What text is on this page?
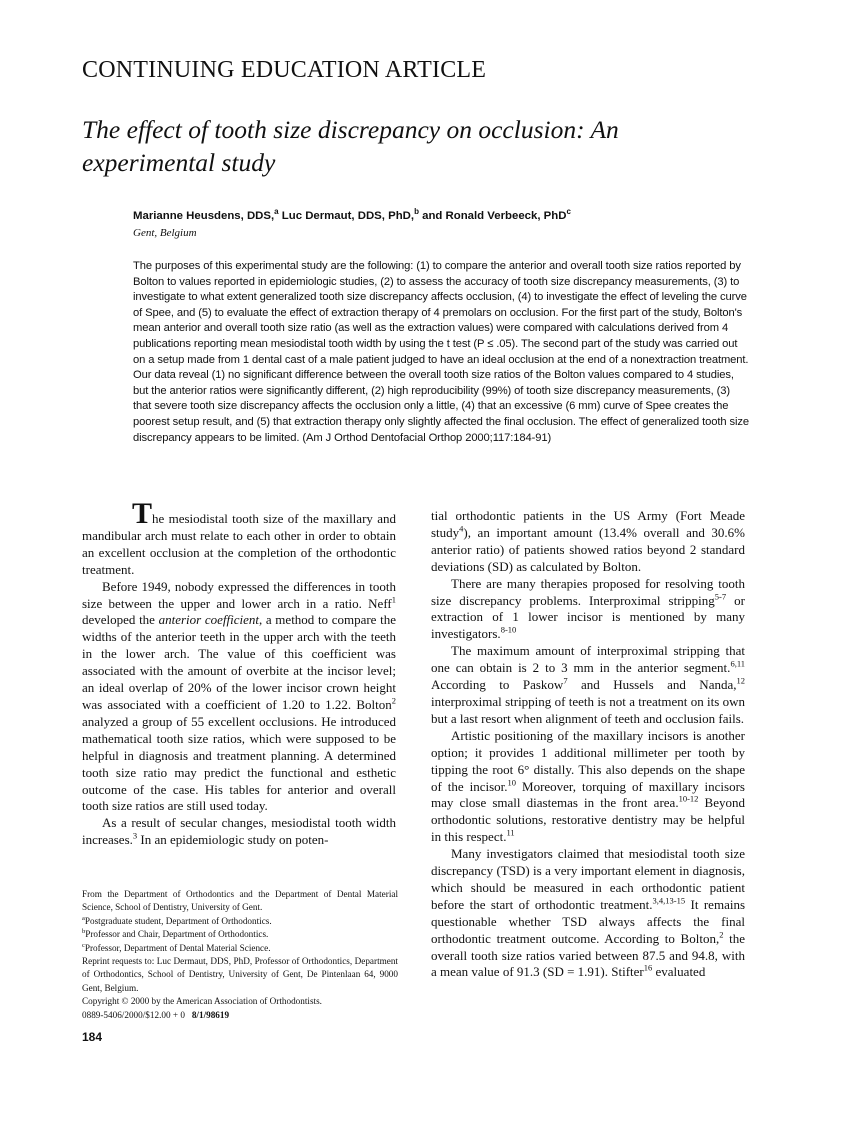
CONTINUING EDUCATION ARTICLE
The effect of tooth size discrepancy on occlusion: An experimental study
Marianne Heusdens, DDS,$^a$ Luc Dermaut, DDS, PhD,$^b$ and Ronald Verbeeck, PhD$^c$
Gent, Belgium
The purposes of this experimental study are the following: (1) to compare the anterior and overall tooth size ratios reported by Bolton to values reported in epidemiologic studies, (2) to assess the accuracy of tooth size discrepancy measurements, (3) to investigate to what extent generalized tooth size discrepancy affects occlusion, (4) to investigate the effect of leveling the curve of Spee, and (5) to evaluate the effect of extraction therapy of 4 premolars on occlusion. For the first part of the study, Bolton's mean anterior and overall tooth size ratio (as well as the extraction values) were compared with calculations derived from 4 publications reporting mean mesiodistal tooth width by using the t test (P ≤ .05). The second part of the study was carried out on a setup made from 1 dental cast of a male patient judged to have an ideal occlusion at the end of a nonextraction treatment. Our data reveal (1) no significant difference between the overall tooth size ratios of the Bolton values compared to 4 studies, but the anterior ratios were significantly different, (2) high reproducibility (99%) of tooth size discrepancy measurements, (3) that severe tooth size discrepancy affects the occlusion only a little, (4) that an excessive (6 mm) curve of Spee creates the poorest setup result, and (5) that extraction therapy only slightly affected the final occlusion. The effect of generalized tooth size discrepancy appears to be limited. (Am J Orthod Dentofacial Orthop 2000;117:184-91)

The mesiodistal tooth size of the maxillary and mandibular arch must relate to each other in order to obtain an excellent occlusion at the completion of the orthodontic treatment.

Before 1949, nobody expressed the differences in tooth size between the upper and lower arch in a ratio. Neff$^1$ developed the anterior coefficient, a method to compare the widths of the anterior teeth in the upper arch with the teeth in the lower arch. The value of this coefficient was associated with the amount of overbite at the incisor level; an ideal overlap of 20% of the lower incisor crown height was associated with a coefficient of 1.20 to 1.22. Bolton$^2$ analyzed a group of 55 excellent occlusions. He introduced mathematical tooth size ratios, which were supposed to be helpful in diagnosis and treatment planning. A determined tooth size ratio may predict the functional and esthetic outcome of the case. His tables for anterior and overall tooth size ratios are still used today.

As a result of secular changes, mesiodistal tooth width increases.$^3$ In an epidemiologic study on poten-

tial orthodontic patients in the US Army (Fort Meade study$^4$), an important amount (13.4% overall and 30.6% anterior ratio) of patients showed ratios beyond 2 standard deviations (SD) as calculated by Bolton.

There are many therapies proposed for resolving tooth size discrepancy problems. Interproximal stripping$^{5-7}$ or extraction of 1 lower incisor is mentioned by many investigators.$^{8-10}$

The maximum amount of interproximal stripping that one can obtain is 2 to 3 mm in the anterior segment.$^{6,11}$ According to Paskow$^7$ and Hussels and Nanda,$^{12}$ interproximal stripping of teeth is not a treatment on its own but a last resort when alignment of teeth and occlusion fails.

Artistic positioning of the maxillary incisors is another option; it provides 1 additional millimeter per tooth by tipping the root 6° distally. This also depends on the shape of the incisor.$^{10}$ Moreover, torquing of maxillary incisors may close small diastemas in the front area.$^{10-12}$ Beyond orthodontic solutions, restorative dentistry may be helpful in this respect.$^{11}$

Many investigators claimed that mesiodistal tooth size discrepancy (TSD) is a very important element in diagnosis, which should be measured in each orthodontic patient before the start of orthodontic treatment.$^{3,4,13-15}$ It remains questionable whether TSD always affects the final orthodontic treatment outcome. According to Bolton,$^2$ the overall tooth size ratios varied between 87.5 and 94.8, with a mean value of 91.3 (SD = 1.91). Stifter$^{16}$ evaluated

From the Department of Orthodontics and the Department of Dental Material Science, School of Dentistry, University of Gent.
$^a$Postgraduate student, Department of Orthodontics.
$^b$Professor and Chair, Department of Orthodontics.
$^c$Professor, Department of Dental Material Science.
Reprint requests to: Luc Dermaut, DDS, PhD, Professor of Orthodontics, Department of Orthodontics, School of Dentistry, University of Gent, De Pintenlaan 64, 9000 Gent, Belgium.
Copyright © 2000 by the American Association of Orthodontists.
0889-5406/2000/$12.00 + 0 8/1/98619
184
